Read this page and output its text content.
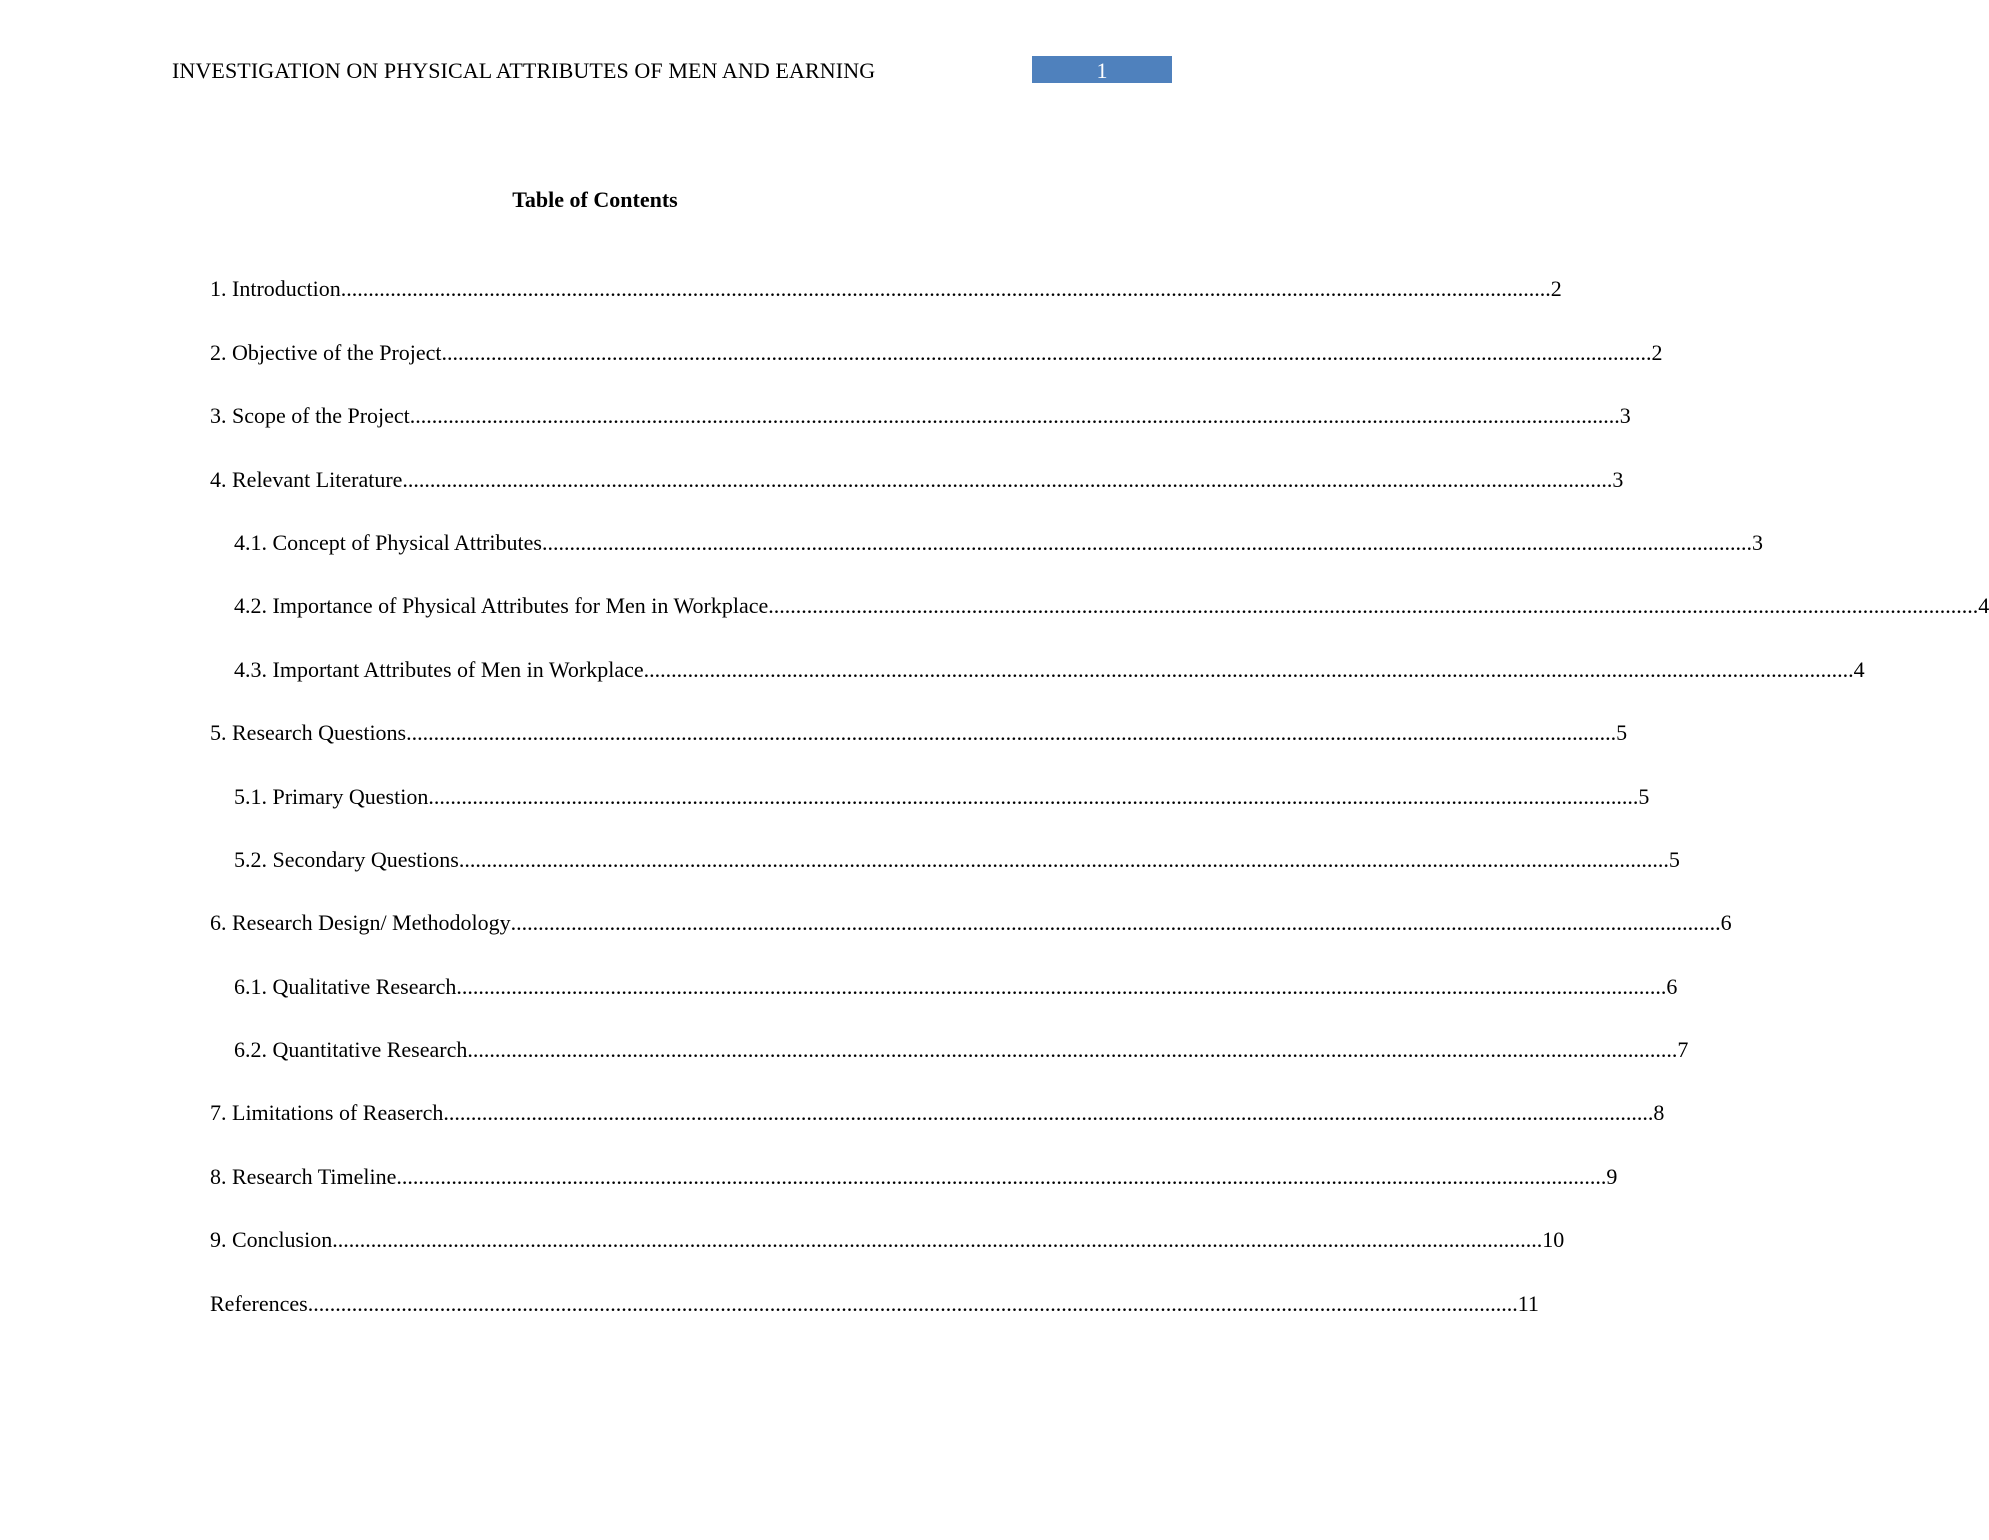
INVESTIGATION ON PHYSICAL ATTRIBUTES OF MEN AND EARNING	1
Table of Contents
1. Introduction ............................................................................................................................................................................................................................ 2
2. Objective of the Project ............................................................................................................................................................................................................................ 2
3. Scope of the Project ............................................................................................................................................................................................................................ 3
4. Relevant Literature ............................................................................................................................................................................................................................ 3
4.1. Concept of Physical Attributes ............................................................................................................................................................................................................................ 3
4.2. Importance of Physical Attributes for Men in Workplace ............................................................................................................................................................................................................................ 4
4.3. Important Attributes of Men in Workplace ............................................................................................................................................................................................................................ 4
5. Research Questions ............................................................................................................................................................................................................................ 5
5.1. Primary Question ............................................................................................................................................................................................................................ 5
5.2. Secondary Questions ............................................................................................................................................................................................................................ 5
6. Research Design/ Methodology ............................................................................................................................................................................................................................ 6
6.1. Qualitative Research ............................................................................................................................................................................................................................ 6
6.2. Quantitative Research ............................................................................................................................................................................................................................ 7
7. Limitations of Reaserch ............................................................................................................................................................................................................................ 8
8. Research Timeline ............................................................................................................................................................................................................................ 9
9. Conclusion ............................................................................................................................................................................................................................ 10
References ............................................................................................................................................................................................................................ 11
